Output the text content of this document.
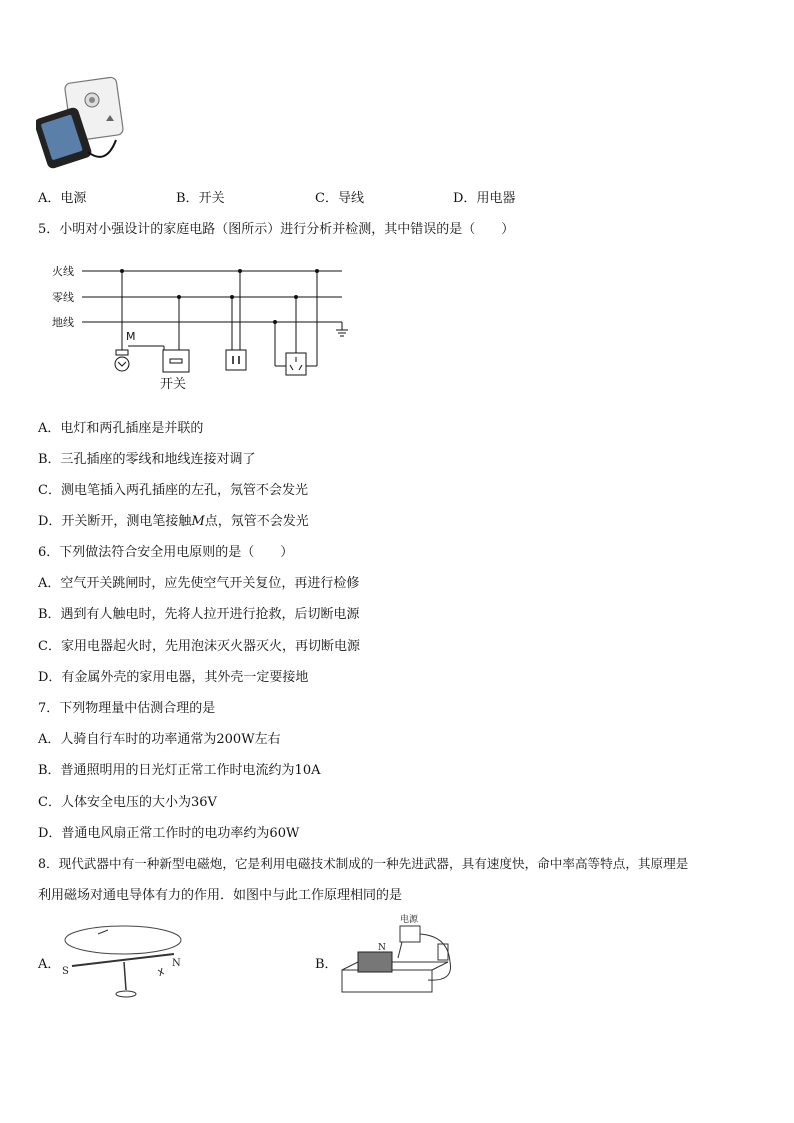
A．电源	B．开关	C．导线	D．用电器
5．小明对小强设计的家庭电路（图所示）进行分析并检测，其中错误的是（　　）
火线
零线
地线
M
开关
A．电灯和两孔插座是并联的
B．三孔插座的零线和地线连接对调了
C．测电笔插入两孔插座的左孔，氖管不会发光
D．开关断开，测电笔接触M点，氖管不会发光
6．下列做法符合安全用电原则的是（　　）
A．空气开关跳闸时，应先使空气开关复位，再进行检修
B．遇到有人触电时，先将人拉开进行抢救，后切断电源
C．家用电器起火时，先用泡沫灭火器灭火，再切断电源
D．有金属外壳的家用电器，其外壳一定要接地
7．下列物理量中估测合理的是
A．人骑自行车时的功率通常为200W左右
B．普通照明用的日光灯正常工作时电流约为10A
C．人体安全电压的大小为36V
D．普通电风扇正常工作时的电功率约为60W
8．现代武器中有一种新型电磁炮，它是利用电磁技术制成的一种先进武器，具有速度快，命中率高等特点，其原理是
利用磁场对通电导体有力的作用．如图中与此工作原理相同的是
A． S
N	B．
N
电源
